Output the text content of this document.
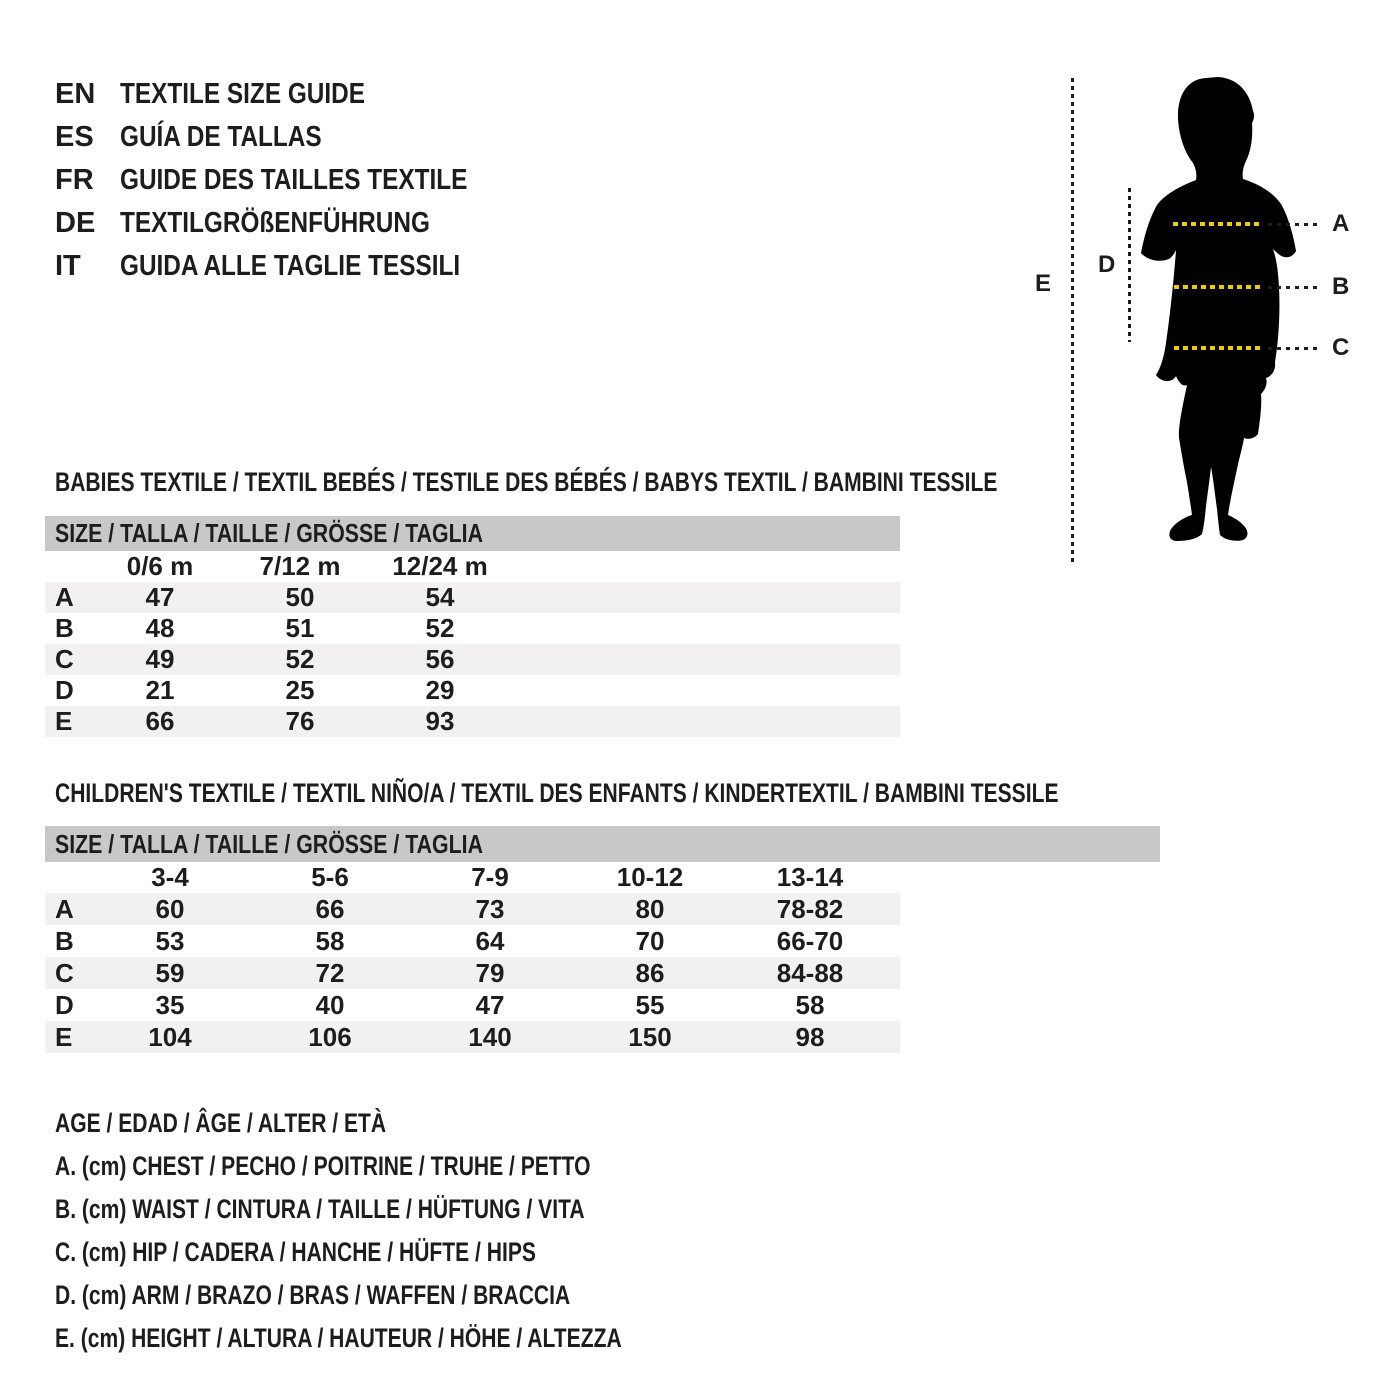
EN TEXTILE SIZE GUIDE
ES GUÍA DE TALLAS
FR GUIDE DES TAILLES TEXTILE
DE TEXTILGRÖßENFÜHRUNG
IT	GUIDA ALLE TAGLIE TESSILI
A
B
C
D
E
BABIES TEXTILE / TEXTIL BEBÉS / TESTILE DES BÉBÉS / BABYS TEXTIL / BAMBINI TESSILE
SIZE / TALLA / TAILLE / GRÖSSE / TAGLIA
	0/6 m	7/12 m	12/24 m	
A	47	50	54	
B	48	51	52	
C	49	52	56	
D	21	25	29	
E	66	76	93	
CHILDREN'S TEXTILE / TEXTIL NIÑO/A / TEXTIL DES ENFANTS / KINDERTEXTIL / BAMBINI TESSILE
SIZE / TALLA / TAILLE / GRÖSSE / TAGLIA
	3-4	5-6	7-9	10-12	13-14	
A	60	66	73	80	78-82	
B	53	58	64	70	66-70	
C	59	72	79	86	84-88	
D	35	40	47	55	58	
E	104	106	140	150	98	
AGE / EDAD / ÂGE / ALTER / ETÀ
A. (cm) CHEST / PECHO / POITRINE / TRUHE / PETTO
B. (cm) WAIST / CINTURA / TAILLE / HÜFTUNG / VITA
C. (cm) HIP / CADERA / HANCHE / HÜFTE / HIPS
D. (cm) ARM / BRAZO / BRAS / WAFFEN / BRACCIA
E. (cm) HEIGHT / ALTURA / HAUTEUR / HÖHE / ALTEZZA
